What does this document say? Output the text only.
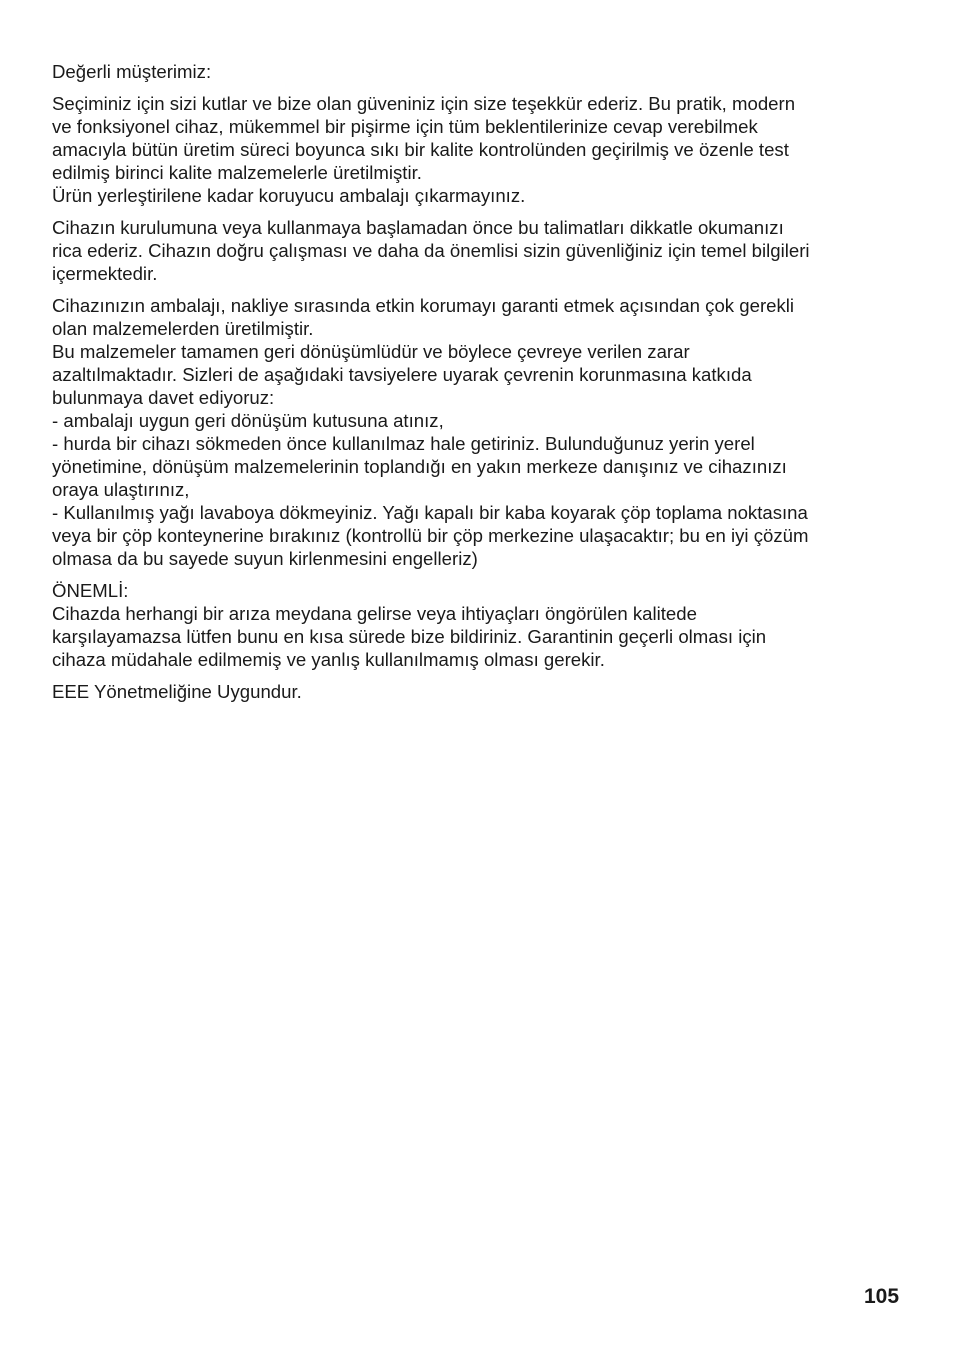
Değerli müşterimiz:

Seçiminiz için sizi kutlar ve bize olan güveniniz için size teşekkür ederiz. Bu pratik, modern
ve fonksiyonel cihaz, mükemmel bir pişirme için tüm beklentilerinize cevap verebilmek
amacıyla bütün üretim süreci boyunca sıkı bir kalite kontrolünden geçirilmiş ve özenle test
edilmiş birinci kalite malzemelerle üretilmiştir.
Ürün yerleştirilene kadar koruyucu ambalajı çıkarmayınız.

Cihazın kurulumuna veya kullanmaya başlamadan önce bu talimatları dikkatle okumanızı
rica ederiz. Cihazın doğru çalışması ve daha da önemlisi sizin güvenliğiniz için temel bilgileri
içermektedir.

Cihazınızın ambalajı, nakliye sırasında etkin korumayı garanti etmek açısından çok gerekli
olan malzemelerden üretilmiştir.
Bu malzemeler tamamen geri dönüşümlüdür ve böylece çevreye verilen zarar
azaltılmaktadır. Sizleri de aşağıdaki tavsiyelere uyarak çevrenin korunmasına katkıda
bulunmaya davet ediyoruz:
- ambalajı uygun geri dönüşüm kutusuna atınız,
- hurda bir cihazı sökmeden önce kullanılmaz hale getiriniz. Bulunduğunuz yerin yerel
yönetimine, dönüşüm malzemelerinin toplandığı en yakın merkeze danışınız ve cihazınızı
oraya ulaştırınız,
- Kullanılmış yağı lavaboya dökmeyiniz. Yağı kapalı bir kaba koyarak çöp toplama noktasına
veya bir çöp konteynerine bırakınız (kontrollü bir çöp merkezine ulaşacaktır; bu en iyi çözüm
olmasa da bu sayede suyun kirlenmesini engelleriz)

ÖNEMLİ:
Cihazda herhangi bir arıza meydana gelirse veya ihtiyaçları öngörülen kalitede
karşılayamazsa lütfen bunu en kısa sürede bize bildiriniz. Garantinin geçerli olması için
cihaza müdahale edilmemiş ve yanlış kullanılmamış olması gerekir.

EEE Yönetmeliğine Uygundur.

105
